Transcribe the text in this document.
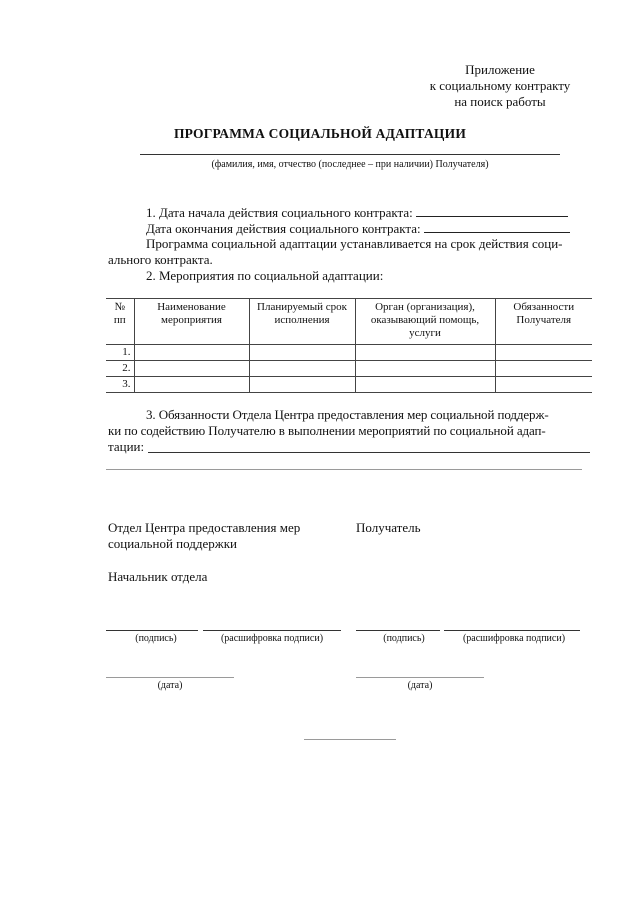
Приложение
к социальному контракту
на поиск работы
ПРОГРАММА СОЦИАЛЬНОЙ АДАПТАЦИИ
(фамилия, имя, отчество (последнее – при наличии) Получателя)
1. Дата начала действия социального контракта:
Дата окончания действия социального контракта:
Программа социальной адаптации устанавливается на срок действия соци-
ального контракта.
2. Мероприятия по социальной адаптации:
№ пп	Наименование мероприятия	Планируемый срок исполнения	Орган (организация), оказывающий помощь, услуги	Обязанности Получателя
1.				
2.				
3.				
3. Обязанности Отдела Центра предоставления мер социальной поддерж-
ки по содействию Получателю в выполнении мероприятий по социальной адап-
тации:
Отдел Центра предоставления мер
социальной поддержки
Начальник отдела
Получатель
(подпись)	(расшифровка подписи)	(подпись)	(расшифровка подписи)
(дата)	(дата)
